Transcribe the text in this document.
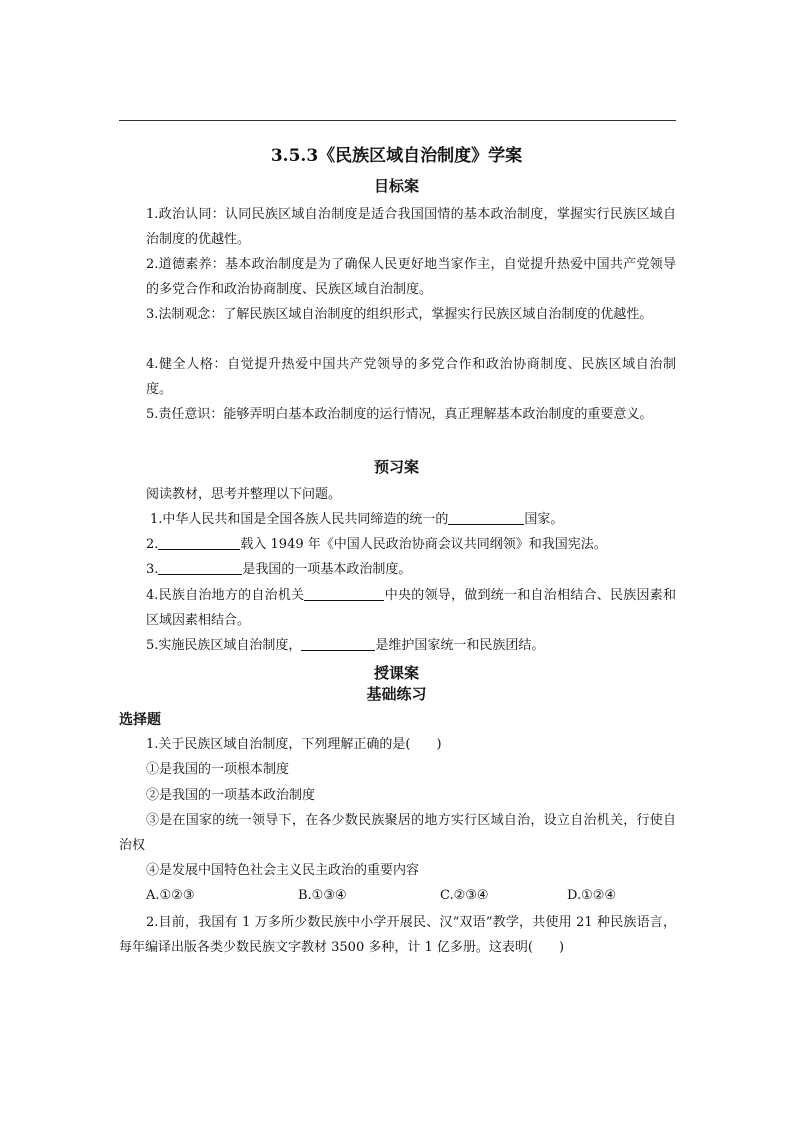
3.5.3《民族区域自治制度》学案
目标案
1.政治认同：认同民族区域自治制度是适合我国国情的基本政治制度，掌握实行民族区域自治制度的优越性。
2.道德素养：基本政治制度是为了确保人民更好地当家作主，自觉提升热爱中国共产党领导的多党合作和政治协商制度、民族区域自治制度。
3.法制观念：了解民族区域自治制度的组织形式，掌握实行民族区域自治制度的优越性。
4.健全人格：自觉提升热爱中国共产党领导的多党合作和政治协商制度、民族区域自治制度。
5.责任意识：能够弄明白基本政治制度的运行情况，真正理解基本政治制度的重要意义。
预习案
阅读教材，思考并整理以下问题。
1.中华人民共和国是全国各族人民共同缔造的统一的	国家。
2.	载入 1949 年《中国人民政治协商会议共同纲领》和我国宪法。
3.	是我国的一项基本政治制度。
4.民族自治地方的自治机关	中央的领导，做到统一和自治相结合、民族因素和区域因素相结合。
5.实施民族区域自治制度，	是维护国家统一和民族团结。
授课案
基础练习
选择题
1.关于民族区域自治制度，下列理解正确的是(　　)
①是我国的一项根本制度
②是我国的一项基本政治制度
③是在国家的统一领导下，在各少数民族聚居的地方实行区域自治，设立自治机关，行使自治权
④是发展中国特色社会主义民主政治的重要内容
A.①②③	B.①③④	C.②③④	D.①②④
2.目前，我国有 1 万多所少数民族中小学开展民、汉“双语”教学，共使用 21 种民族语言，每年编译出版各类少数民族文字教材 3500 多种，计 1 亿多册。这表明(　　)
